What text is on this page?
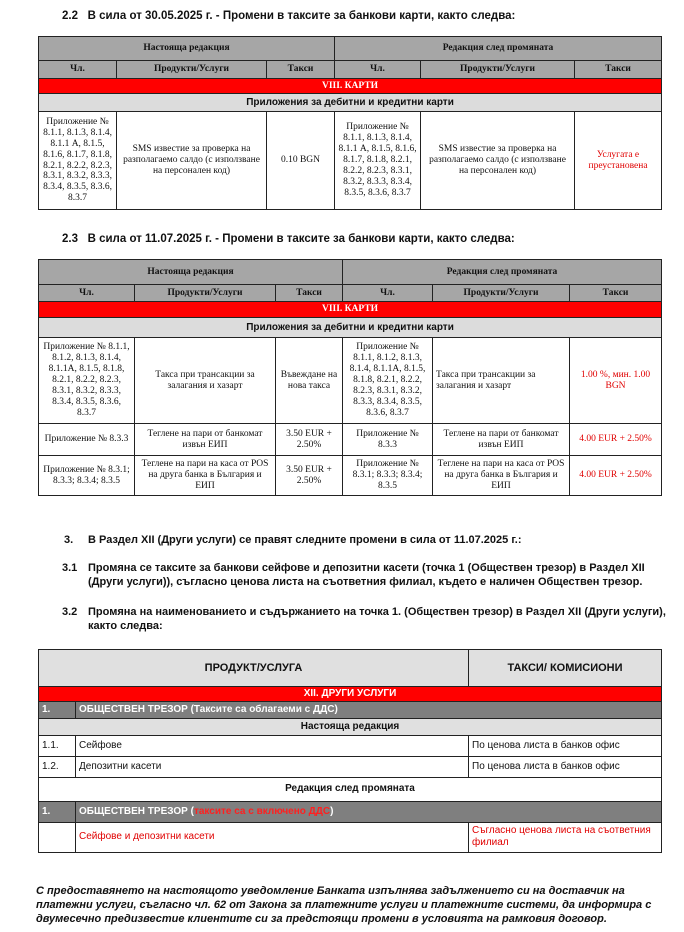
2.2 В сила от 30.05.2025 г. - Промени в таксите за банкови карти, както следва:
Настояща редакция			Редакция след промяната		
Чл.	Продукти/Услуги	Такси	Чл.	Продукти/Услуги	Такси
VIII. КАРТИ					
Приложения за дебитни и кредитни карти					
Приложение № 8.1.1, 8.1.3, 8.1.4, 8.1.1 А, 8.1.5, 8.1.6, 8.1.7, 8.1.8, 8.2.1, 8.2.2, 8.2.3, 8.3.1, 8.3.2, 8.3.3, 8.3.4, 8.3.5, 8.3.6, 8.3.7	SMS известие за проверка на разполагаемо салдо (с използване на персонален код)	0.10 BGN	Приложение № 8.1.1, 8.1.3, 8.1.4, 8.1.1 А, 8.1.5, 8.1.6, 8.1.7, 8.1.8, 8.2.1, 8.2.2, 8.2.3, 8.3.1, 8.3.2, 8.3.3, 8.3.4, 8.3.5, 8.3.6, 8.3.7	SMS известие за проверка на разполагаемо салдо (с използване на персонален код)	Услугата е преустановена
2.3 В сила от 11.07.2025 г. - Промени в таксите за банкови карти, както следва:
Настояща редакция			Редакция след промяната		
Чл.	Продукти/Услуги	Такси	Чл.	Продукти/Услуги	Такси
VIII. КАРТИ					
Приложения за дебитни и кредитни карти					
Приложение № 8.1.1, 8.1.2, 8.1.3, 8.1.4, 8.1.1А, 8.1.5, 8.1.8, 8.2.1, 8.2.2, 8.2.3, 8.3.1, 8.3.2, 8.3.3, 8.3.4, 8.3.5, 8.3.6, 8.3.7	Такса при трансакции за залагания и хазарт	Въвеждане на нова такса	Приложение № 8.1.1, 8.1.2, 8.1.3, 8.1.4, 8.1.1А, 8.1.5, 8.1.8, 8.2.1, 8.2.2, 8.2.3, 8.3.1, 8.3.2, 8.3.3, 8.3.4, 8.3.5, 8.3.6, 8.3.7	Такса при трансакции за залагания и хазарт	1.00 %, мин. 1.00 BGN
Приложение № 8.3.3	Теглене на пари от банкомат извън ЕИП	3.50 EUR + 2.50%	Приложение № 8.3.3	Теглене на пари от банкомат извън ЕИП	4.00 EUR + 2.50%
Приложение № 8.3.1; 8.3.3; 8.3.4; 8.3.5	Теглене на пари на каса от POS на друга банка в България и ЕИП	3.50 EUR + 2.50%	Приложение № 8.3.1; 8.3.3; 8.3.4; 8.3.5	Теглене на пари на каса от POS на друга банка в България и ЕИП	4.00 EUR + 2.50%
3. В Раздел XII (Други услуги) се правят следните промени в сила от 11.07.2025 г.:
3.1 Промяна се таксите за банкови сейфове и депозитни касети (точка 1 (Обществен трезор) в Раздел XII (Други услуги)), съгласно ценова листа на съответния филиал, където е наличен Обществен трезор.
3.2 Промяна на наименованието и съдържанието на точка 1. (Обществен трезор) в Раздел XII (Други услуги), както следва:
ПРОДУКТ/УСЛУГА		ТАКСИ/ КОМИСИОНИ
XII. ДРУГИ УСЛУГИ		
1.	ОБЩЕСТВЕН ТРЕЗОР (Таксите са облагаеми с ДДС)	
Настояща редакция		
1.1.	Сейфове	По ценова листа в банков офис
1.2.	Депозитни касети	По ценова листа в банков офис
Редакция след промяната		
1.	ОБЩЕСТВЕН ТРЕЗОР (таксите са с включено ДДС)	
	Сейфове и депозитни касети	Съгласно ценова листа на съответния филиал
С предоставянето на настоящото уведомление Банката изпълнява задължението си на доставчик на платежни услуги, съгласно чл. 62 от Закона за платежните услуги и платежните системи, да информира с двумесечно предизвестие клиентите си за предстоящи промени в условията на рамковия договор.
